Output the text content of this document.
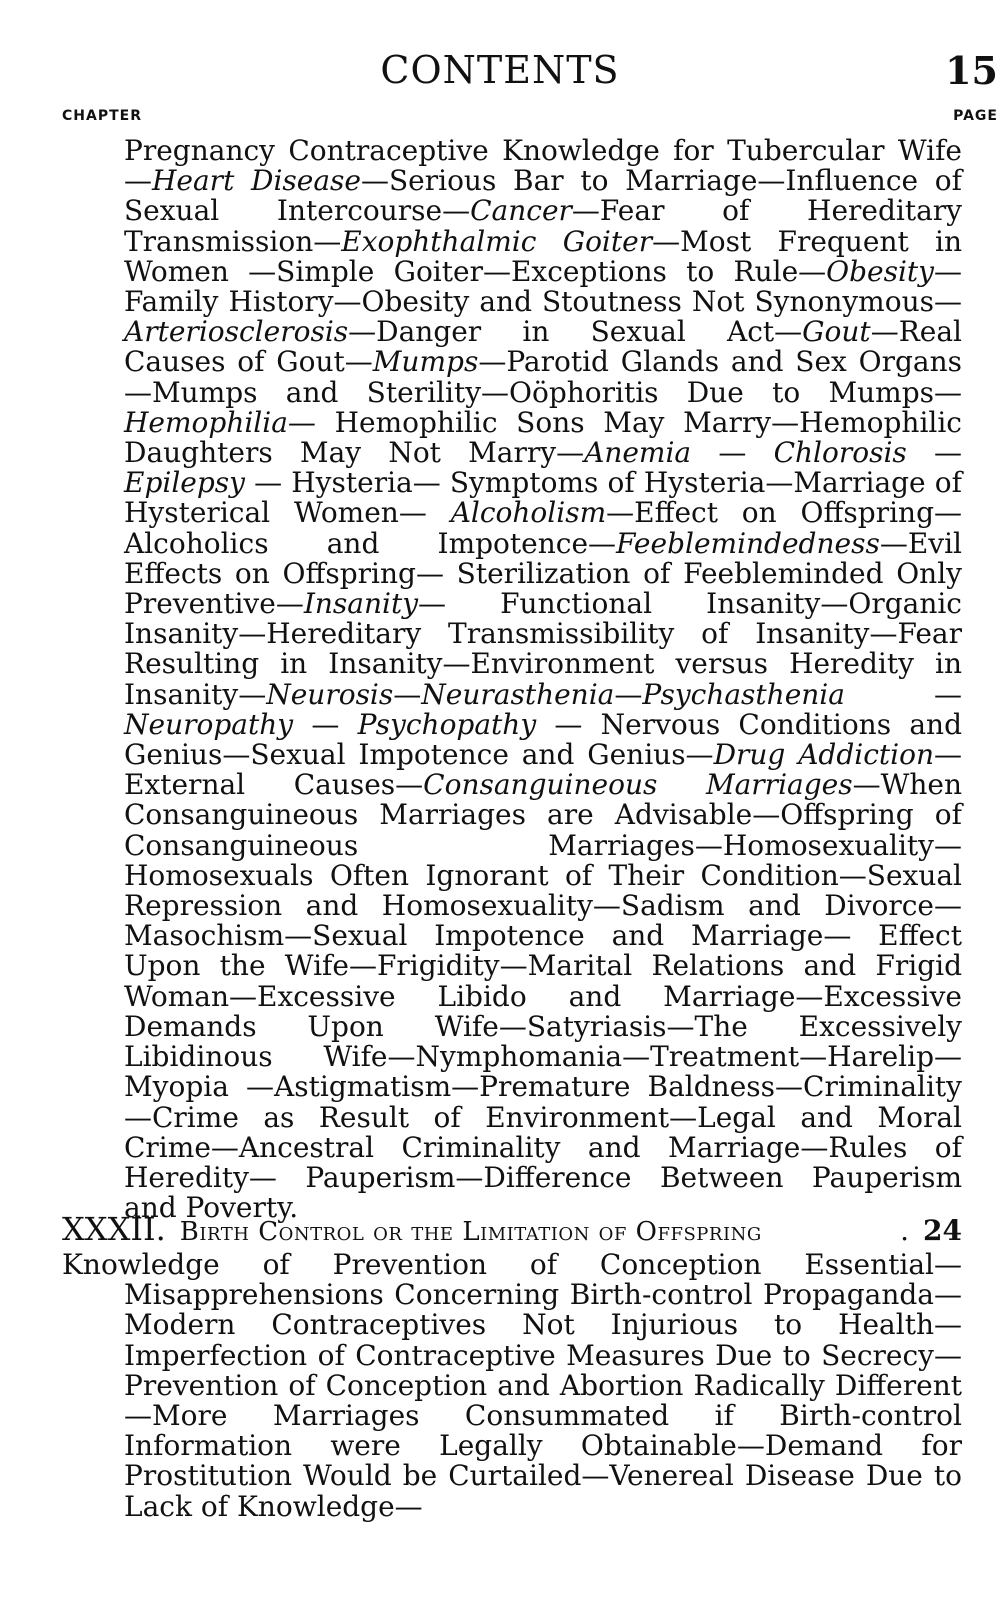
CONTENTS	15
CHAPTER	PAGE
Pregnancy Contraceptive Knowledge for Tubercular Wife —Heart Disease—Serious Bar to Marriage—Influence of Sexual Intercourse—Cancer—Fear of Hereditary Transmission—Exophthalmic Goiter—Most Frequent in Women —Simple Goiter—Exceptions to Rule—Obesity—Family History—Obesity and Stoutness Not Synonymous—Arteriosclerosis—Danger in Sexual Act—Gout—Real Causes of Gout—Mumps—Parotid Glands and Sex Organs—Mumps and Sterility—Oöphoritis Due to Mumps—Hemophilia— Hemophilic Sons May Marry—Hemophilic Daughters May Not Marry—Anemia — Chlorosis — Epilepsy — Hysteria— Symptoms of Hysteria—Marriage of Hysterical Women— Alcoholism—Effect on Offspring—Alcoholics and Impotence—Feeblemindedness—Evil Effects on Offspring— Sterilization of Feebleminded Only Preventive—Insanity— Functional Insanity—Organic Insanity—Hereditary Transmissibility of Insanity—Fear Resulting in Insanity—Environment versus Heredity in Insanity—Neurosis—Neurasthenia—Psychasthenia — Neuropathy — Psychopathy — Nervous Conditions and Genius—Sexual Impotence and Genius—Drug Addiction—External Causes—Consanguineous Marriages—When Consanguineous Marriages are Advisable—Offspring of Consanguineous Marriages—Homosexuality—Homosexuals Often Ignorant of Their Condition—Sexual Repression and Homosexuality—Sadism and Divorce—Masochism—Sexual Impotence and Marriage— Effect Upon the Wife—Frigidity—Marital Relations and Frigid Woman—Excessive Libido and Marriage—Excessive Demands Upon Wife—Satyriasis—The Excessively Libidinous Wife—Nymphomania—Treatment—Harelip—Myopia —Astigmatism—Premature Baldness—Criminality—Crime as Result of Environment—Legal and Moral Crime—Ancestral Criminality and Marriage—Rules of Heredity— Pauperism—Difference Between Pauperism and Poverty.
XXXII. Birth Control or the Limitation of Offspring	. 24
Knowledge of Prevention of Conception Essential—Misapprehensions Concerning Birth-control Propaganda—Modern Contraceptives Not Injurious to Health—Imperfection of Contraceptive Measures Due to Secrecy—Prevention of Conception and Abortion Radically Different—More Marriages Consummated if Birth-control Information were Legally Obtainable—Demand for Prostitution Would be Curtailed—Venereal Disease Due to Lack of Knowledge—
